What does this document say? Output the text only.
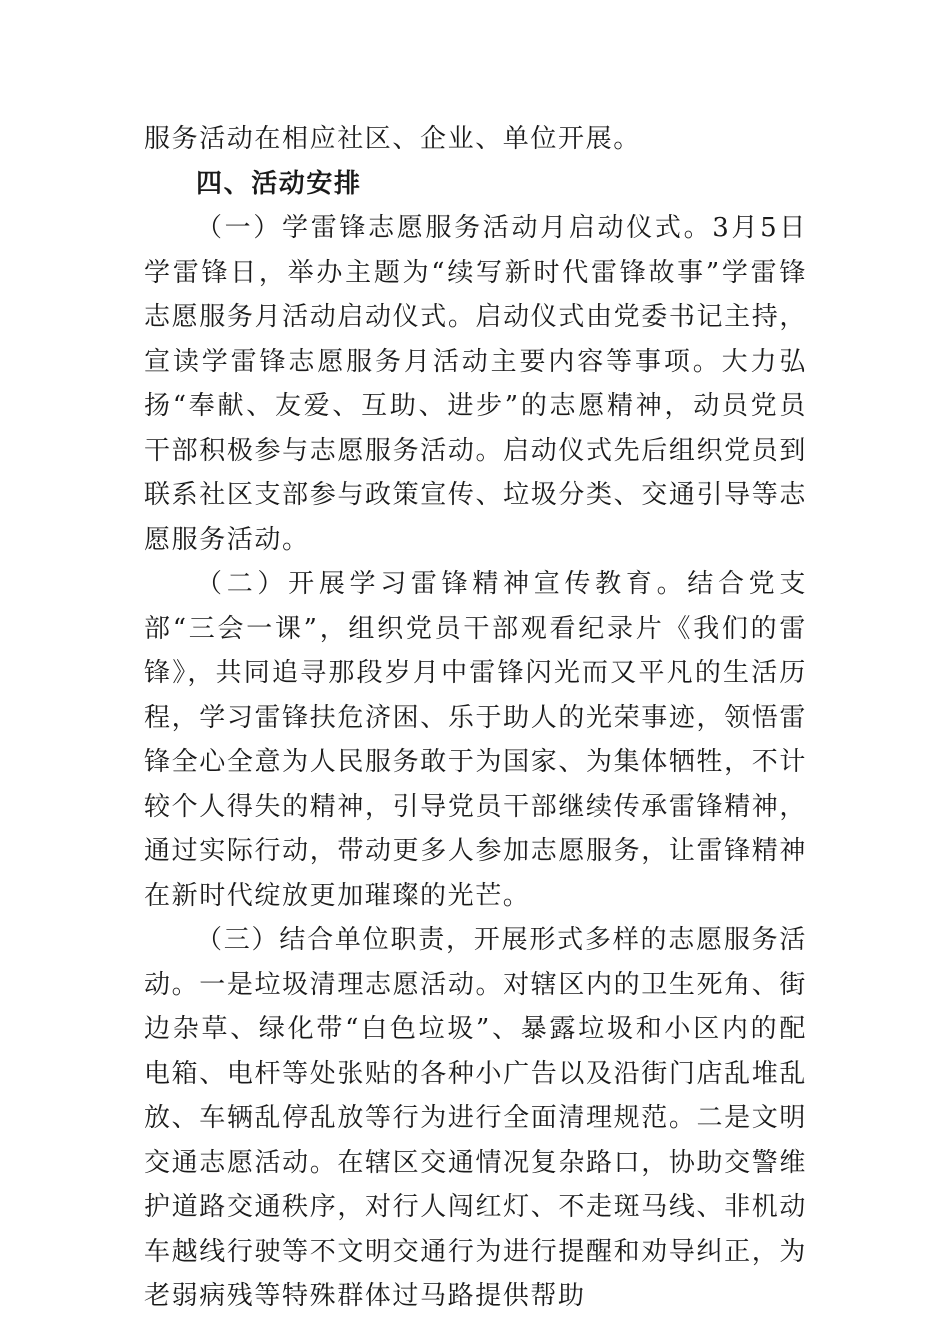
服务活动在相应社区、企业、单位开展。

四、活动安排

（一）学雷锋志愿服务活动月启动仪式。3月5日学雷锋日，举办主题为“续写新时代雷锋故事”学雷锋志愿服务月活动启动仪式。启动仪式由党委书记主持，宣读学雷锋志愿服务月活动主要内容等事项。大力弘扬“奉献、友爱、互助、进步”的志愿精神，动员党员干部积极参与志愿服务活动。启动仪式先后组织党员到联系社区支部参与政策宣传、垃圾分类、交通引导等志愿服务活动。

（二）开展学习雷锋精神宣传教育。结合党支部“三会一课”，组织党员干部观看纪录片《我们的雷锋》，共同追寻那段岁月中雷锋闪光而又平凡的生活历程，学习雷锋扶危济困、乐于助人的光荣事迹，领悟雷锋全心全意为人民服务敢于为国家、为集体牺牲，不计较个人得失的精神，引导党员干部继续传承雷锋精神，通过实际行动，带动更多人参加志愿服务，让雷锋精神在新时代绽放更加璀璨的光芒。

（三）结合单位职责，开展形式多样的志愿服务活动。一是垃圾清理志愿活动。对辖区内的卫生死角、街边杂草、绿化带“白色垃圾”、暴露垃圾和小区内的配电箱、电杆等处张贴的各种小广告以及沿街门店乱堆乱放、车辆乱停乱放等行为进行全面清理规范。二是文明交通志愿活动。在辖区交通情况复杂路口，协助交警维护道路交通秩序，对行人闯红灯、不走斑马线、非机动车越线行驶等不文明交通行为进行提醒和劝导纠正，为老弱病残等特殊群体过马路提供帮助
